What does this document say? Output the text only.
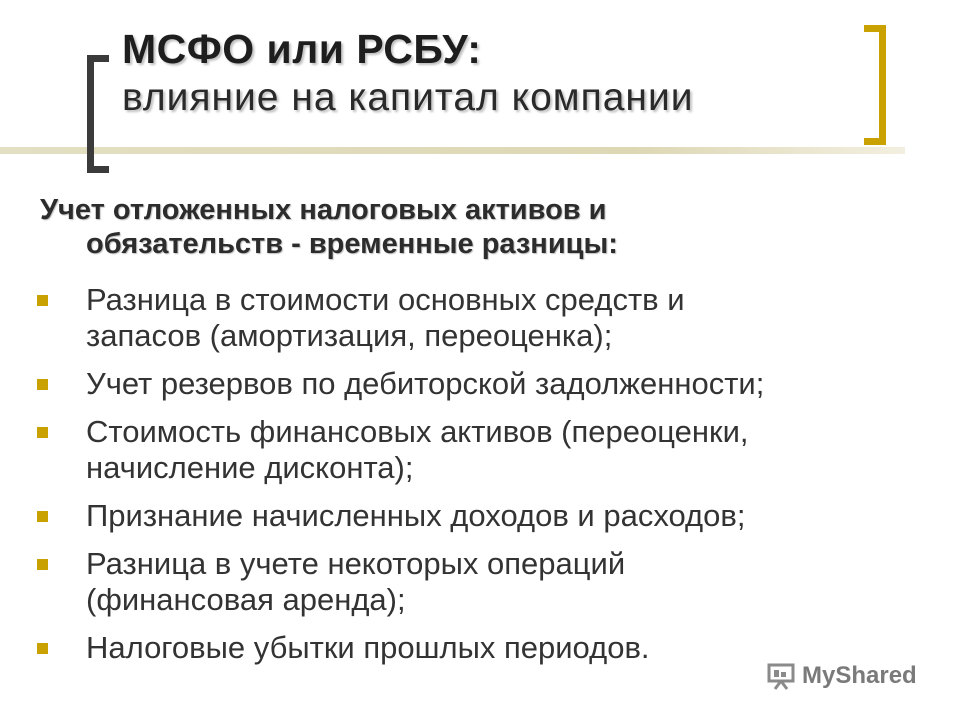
МСФО или РСБУ:
влияние на капитал компании
Учет отложенных налоговых активов и
обязательств - временные разницы:
Разница в стоимости основных средств и
запасов (амортизация, переоценка);
Учет резервов по дебиторской задолженности;
Стоимость финансовых активов (переоценки,
начисление дисконта);
Признание начисленных доходов и расходов;
Разница в учете некоторых операций
(финансовая аренда);
Налоговые убытки прошлых периодов.
MyShared
